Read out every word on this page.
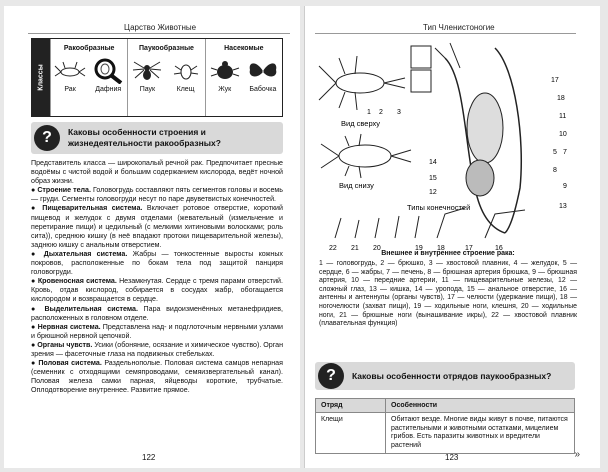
Царство Животные
Классы
Ракообразные
Рак	Дафния
Паукообразные
Паук	Клещ
Насекомые
Жук	Бабочка
?	Каковы особенности строения и жизнедеятельности ракообразных?

Представитель класса — широкопалый речной рак. Предпочитает пресные водоёмы с чистой водой и большим содержанием кислорода, ведёт ночной образ жизни.

● Строение тела. Головогрудь составляют пять сегментов головы и восемь — груди. Сегменты головогруди несут по паре двуветвистых конечностей.

● Пищеварительная система. Включает ротовое отверстие, короткий пищевод и желудок с двумя отделами (жевательный (измельчение и перетирание пищи) и цедильный (с мелкими хитиновыми волосками; роль сита)), среднюю кишку (в неё впадают протоки пищеварительной железы), заднюю кишку с анальным отверстием.

● Дыхательная система. Жабры — тонкостенные выросты кожных покровов, расположенные по бокам тела под защитой панциря головогруди.

● Кровеносная система. Незамкнутая. Сердце с тремя парами отверстий. Кровь, отдав кислород, собирается в сосудах жабр, обогащается кислородом и возвращается в сердце.

● Выделительная система. Пара видоизменённых метанефридиев, расположенных в головном отделе.

● Нервная система. Представлена над- и подглоточным нервными узлами и брюшной нервной цепочкой.

● Органы чувств. Усики (обоняние, осязание и химическое чувство). Орган зрения — фасеточные глаза на подвижных стебельках.

● Половая система. Раздельнополые. Половая система самцов непарная (семенник с отходящими семяпроводами, семяизвергательный канал). Половая железа самки парная, яйцеводы короткие, трубчатые. Оплодотворение внутреннее. Развитие прямое.

122
Тип Членистоногие
1 2 3
Вид сверху
Вид снизу
17
18
11
10
5 7
8
9
13
14
15
12
Типы конечностей
22 21 20	19 18	17	16
Внешнее и внутреннее строение рака:
1 — головогрудь, 2 — брюшко, 3 — хвостовой плавник, 4 — желудок, 5 — сердце, 6 — жабры, 7 — печень, 8 — брюшная артерия брюшка, 9 — брюшная артерия, 10 — передние артерии, 11 — пищеварительные железы, 12 — сложный глаз, 13 — кишка, 14 — уропода, 15 — анальное отверстие, 16 — антенны и антеннулы (органы чувств), 17 — челюсти (удержание пищи), 18 — ногочелюсти (захват пищи), 19 — ходильные ноги, клешня, 20 — ходильные ноги, 21 — брюшные ноги (вынашивание икры), 22 — хвостовой плавник (плавательная функция)
?	Каковы особенности отрядов паукообразных?
Отряд	Особенности
Клещи	Обитают везде. Многие виды живут в почве, питаются растительными и животными остатками, мицелием грибов. Есть паразиты животных и вредители растений
»
123
